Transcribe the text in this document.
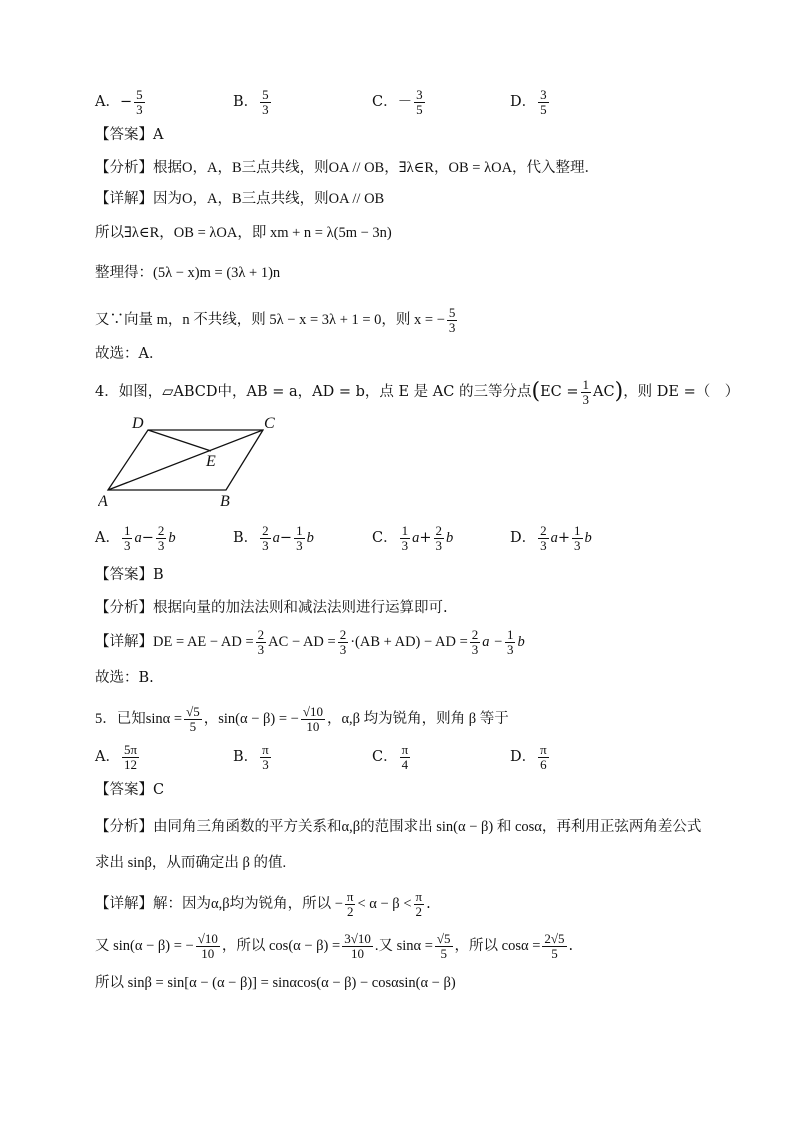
A．− $\frac{5}{3}$	B． $\frac{5}{3}$	C．－ $\frac{3}{5}$	D． $\frac{3}{5}$
【答案】A
【分析】根据O，A，B三点共线，则OA // OB，∃λ∈R，OB = λOA，代入整理．
【详解】因为O，A，B三点共线，则OA // OB
所以∃λ∈R，OB = λOA，即 xm + n = λ(5m − 3n)
整理得：(5λ − x)m = (3λ + 1)n
又∵向量 m，n 不共线，则 5λ − x = 3λ + 1 = 0，则 x = − $\frac{5}{3}$
故选：A．
4．如图，▱ABCD中，AB = a，AD = b，点 E 是 AC 的三等分点$(EC = \frac{1}{3} AC)$，则 DE =（　）
D	C
E
A	B
A． $\frac{1}{3} a- \frac{2}{3}$ b	B． $\frac{2}{3} a- \frac{1}{3}$ b	C． $\frac{1}{3} a+ \frac{2}{3}$ b	D． $\frac{2}{3} a+ \frac{1}{3}$ b
【答案】B
【分析】根据向量的加法法则和减法法则进行运算即可.
【详解】DE = AE − AD = $\frac{2}{3}$ AC − AD = $\frac{2}{3} \cdot(AB + AD)$ − AD = $\frac{2}{3}$ $a - \frac{1}{3}$ b
故选：B.
5．已知$\sin\alpha = \frac{√5}{5}$ ，sin(α − β) = − $\frac{√10}{10}$ ，α,β 均为锐角，则角 β 等于
A． $\frac{5\pi}{12}$	B． $\frac{\pi}{3}$	C． $\frac{\pi}{4}$	D． $\frac{\pi}{6}$
【答案】C
【分析】由同角三角函数的平方关系和α,β的范围求出 sin(α − β) 和 cosα，再利用正弦两角差公式
求出 sinβ，从而确定出 β 的值.
【详解】解：因为α,β均为锐角，所以 − $\frac{\pi}{2} < \alpha - \beta < \frac{\pi}{2}$ .
又 sin(α − β) = − $\frac{√10}{10}$ ，所以 $\cos(\alpha - \beta) = \frac{3√10}{10}$ .又 $\sin\alpha = \frac{√5}{5}$ ，所以 $\cos\alpha = \frac{2√5}{5}$ .
所以 sinβ = sin[α − (α − β)] = sinαcos(α − β) − cosαsin(α − β)
